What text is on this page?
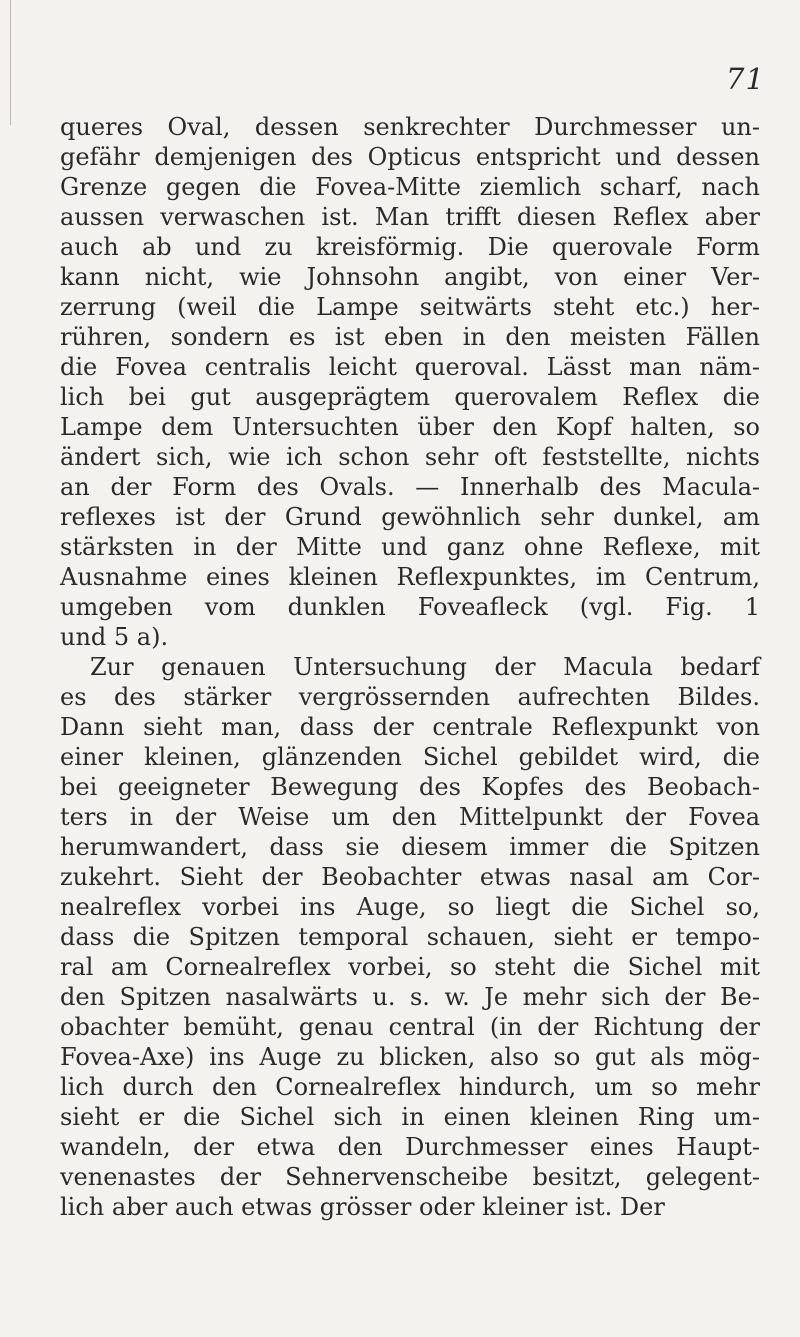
71
queres Oval, dessen senkrechter Durchmesser un-
gefähr demjenigen des Opticus entspricht und dessen
Grenze gegen die Fovea-Mitte ziemlich scharf, nach
aussen verwaschen ist. Man trifft diesen Reflex aber
auch ab und zu kreisförmig. Die querovale Form
kann nicht, wie Johnsohn angibt, von einer Ver-
zerrung (weil die Lampe seitwärts steht etc.) her-
rühren, sondern es ist eben in den meisten Fällen
die Fovea centralis leicht queroval. Lässt man näm-
lich bei gut ausgeprägtem querovalem Reflex die
Lampe dem Untersuchten über den Kopf halten, so
ändert sich, wie ich schon sehr oft feststellte, nichts
an der Form des Ovals. — Innerhalb des Macula-
reflexes ist der Grund gewöhnlich sehr dunkel, am
stärksten in der Mitte und ganz ohne Reflexe, mit
Ausnahme eines kleinen Reflexpunktes, im Centrum,
umgeben vom dunklen Foveafleck (vgl. Fig. 1
und 5 a).
Zur genauen Untersuchung der Macula bedarf
es des stärker vergrössernden aufrechten Bildes.
Dann sieht man, dass der centrale Reflexpunkt von
einer kleinen, glänzenden Sichel gebildet wird, die
bei geeigneter Bewegung des Kopfes des Beobach-
ters in der Weise um den Mittelpunkt der Fovea
herumwandert, dass sie diesem immer die Spitzen
zukehrt. Sieht der Beobachter etwas nasal am Cor-
nealreflex vorbei ins Auge, so liegt die Sichel so,
dass die Spitzen temporal schauen, sieht er tempo-
ral am Cornealreflex vorbei, so steht die Sichel mit
den Spitzen nasalwärts u. s. w. Je mehr sich der Be-
obachter bemüht, genau central (in der Richtung der
Fovea-Axe) ins Auge zu blicken, also so gut als mög-
lich durch den Cornealreflex hindurch, um so mehr
sieht er die Sichel sich in einen kleinen Ring um-
wandeln, der etwa den Durchmesser eines Haupt-
venenastes der Sehnervenscheibe besitzt, gelegent-
lich aber auch etwas grösser oder kleiner ist. Der
